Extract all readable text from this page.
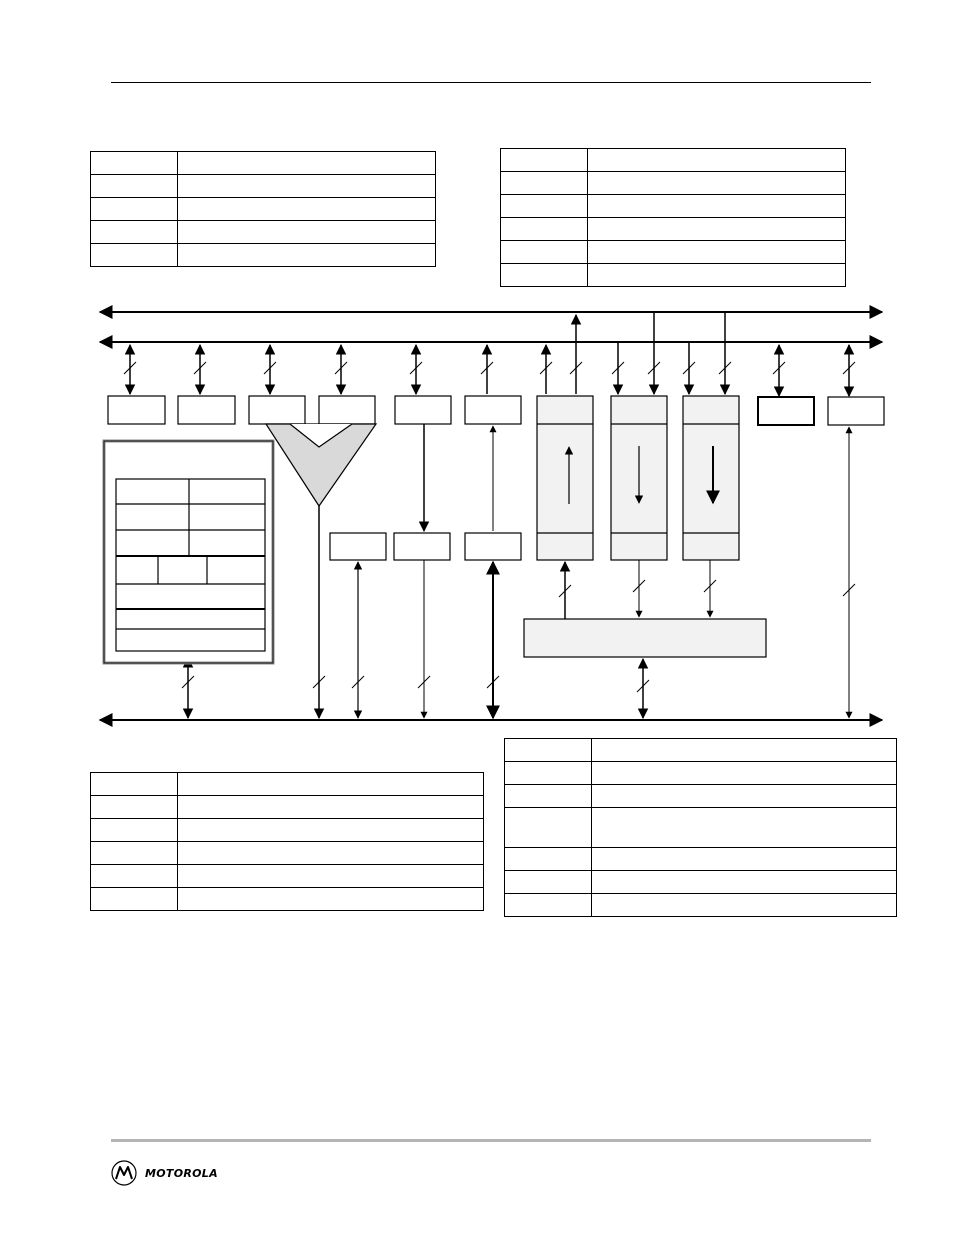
MOTOROLA
